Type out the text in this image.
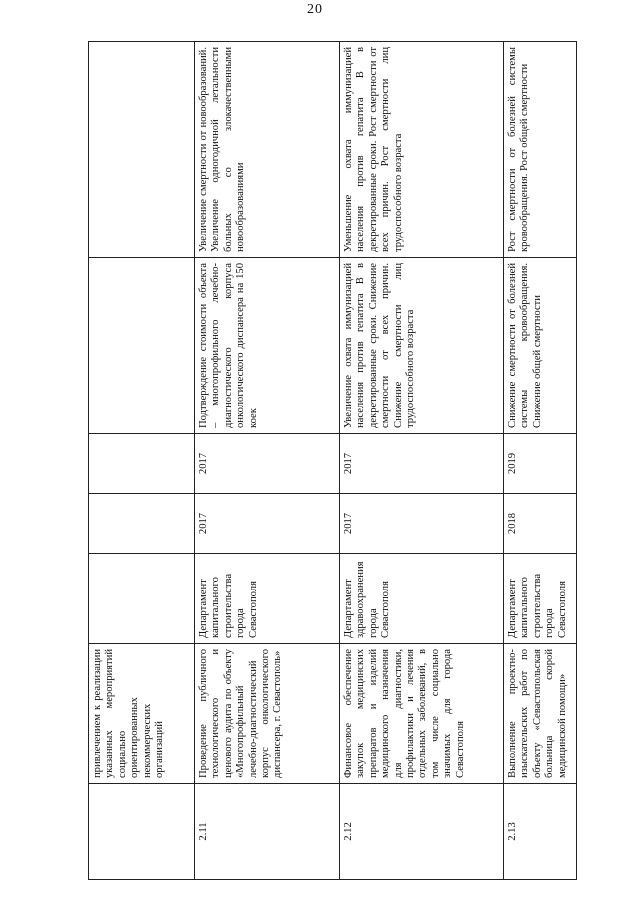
20
	привлечением к реализации указанных мероприятий социально ориентированных некоммерческих организаций					
2.11	Проведение публичного технологического и ценового аудита по объекту «Многопрофильный лечебно-диагностический корпус онкологического диспансера, г. Севастополь»	Департамент капитального строительства города Севастополя	2017	2017	Подтверждение стоимости объекта – многопрофильного лечебно-диагностического корпуса онкологического диспансера на 150 коек	Увеличение смертности от новообразований. Увеличение одногодичной летальности больных со злокачественными новообразованиями
2.12	Финансовое обеспечение закупок медицинских препаратов и изделий медицинского назначения для диагностики, профилактики и лечения отдельных заболеваний, в том числе социально значимых для города Севастополя	Департамент здравоохранения города Севастополя	2017	2017	Увеличение охвата иммунизацией населения против гепатита В в декретированные сроки. Снижение смертности от всех причин. Снижение смертности лиц трудоспособного возраста	Уменьшение охвата иммунизацией населения против гепатита В в декретированные сроки. Рост смертности от всех причин. Рост смертности лиц трудоспособного возраста
2.13	Выполнение проектно-изыскательских работ по объекту «Севастопольская больница скорой медицинской помощи»	Департамент капитального строительства города Севастополя	2018	2019	Снижение смертности от болезней системы кровообращения. Снижение общей смертности	Рост смертности от болезней системы кровообращения. Рост общей смертности
